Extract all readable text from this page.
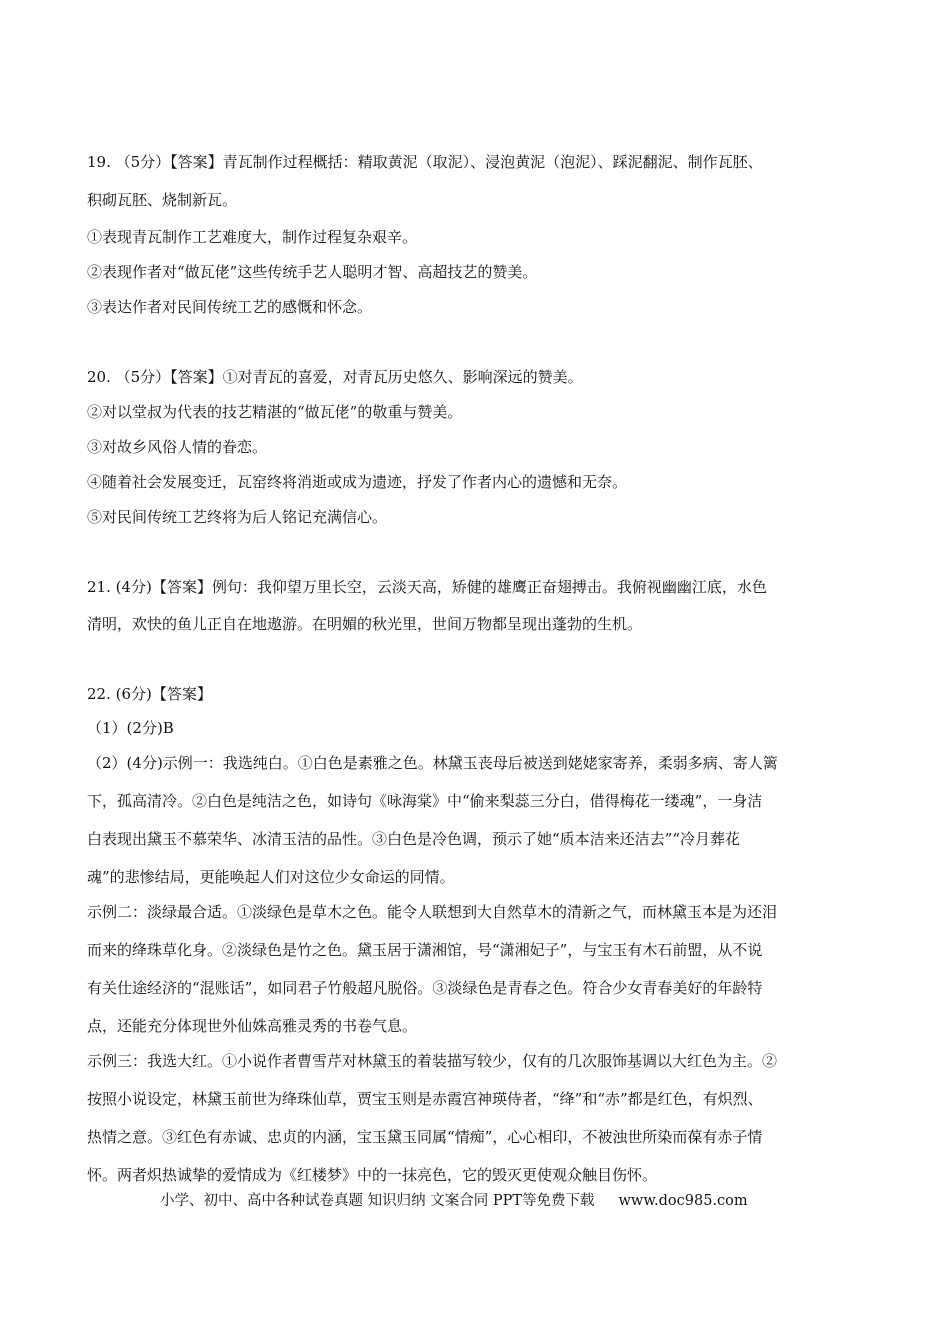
19. （5分）【答案】青瓦制作过程概括：精取黄泥（取泥）、浸泡黄泥（泡泥）、踩泥翻泥、制作瓦胚、
积砌瓦胚、烧制新瓦。
①表现青瓦制作工艺难度大，制作过程复杂艰辛。
②表现作者对“做瓦佬”这些传统手艺人聪明才智、高超技艺的赞美。
③表达作者对民间传统工艺的感慨和怀念。
20. （5分）【答案】①对青瓦的喜爱，对青瓦历史悠久、影响深远的赞美。
②对以堂叔为代表的技艺精湛的“做瓦佬”的敬重与赞美。
③对故乡风俗人情的眷恋。
④随着社会发展变迁，瓦窑终将消逝或成为遗迹，抒发了作者内心的遗憾和无奈。
⑤对民间传统工艺终将为后人铭记充满信心。
21. (4分)【答案】例句：我仰望万里长空，云淡天高，矫健的雄鹰正奋翅搏击。我俯视幽幽江底，水色
清明，欢快的鱼儿正自在地遨游。在明媚的秋光里，世间万物都呈现出蓬勃的生机。
22. (6分)【答案】
（1）(2分)B
（2）(4分)示例一：我选纯白。①白色是素雅之色。林黛玉丧母后被送到姥姥家寄养，柔弱多病、寄人篱
下，孤高清冷。②白色是纯洁之色，如诗句《咏海棠》中“偷来梨蕊三分白，借得梅花一缕魂”，一身洁
白表现出黛玉不慕荣华、冰清玉洁的品性。③白色是冷色调，预示了她“质本洁来还洁去”“冷月葬花
魂”的悲惨结局，更能唤起人们对这位少女命运的同情。
示例二：淡绿最合适。①淡绿色是草木之色。能令人联想到大自然草木的清新之气，而林黛玉本是为还泪
而来的绛珠草化身。②淡绿色是竹之色。黛玉居于潇湘馆，号“潇湘妃子”，与宝玉有木石前盟，从不说
有关仕途经济的“混账话”，如同君子竹般超凡脱俗。③淡绿色是青春之色。符合少女青春美好的年龄特
点，还能充分体现世外仙姝高雅灵秀的书卷气息。
示例三：我选大红。①小说作者曹雪芹对林黛玉的着装描写较少，仅有的几次服饰基调以大红色为主。②
按照小说设定，林黛玉前世为绛珠仙草，贾宝玉则是赤霞宫神瑛侍者，“绛”和“赤”都是红色，有炽烈、
热情之意。③红色有赤诚、忠贞的内涵，宝玉黛玉同属“情痴”，心心相印，不被浊世所染而葆有赤子情
怀。两者炽热诚挚的爱情成为《红楼梦》中的一抹亮色，它的毁灭更使观众触目伤怀。
小学、初中、高中各种试卷真题 知识归纳 文案合同 PPT等免费下载 www.doc985.com
